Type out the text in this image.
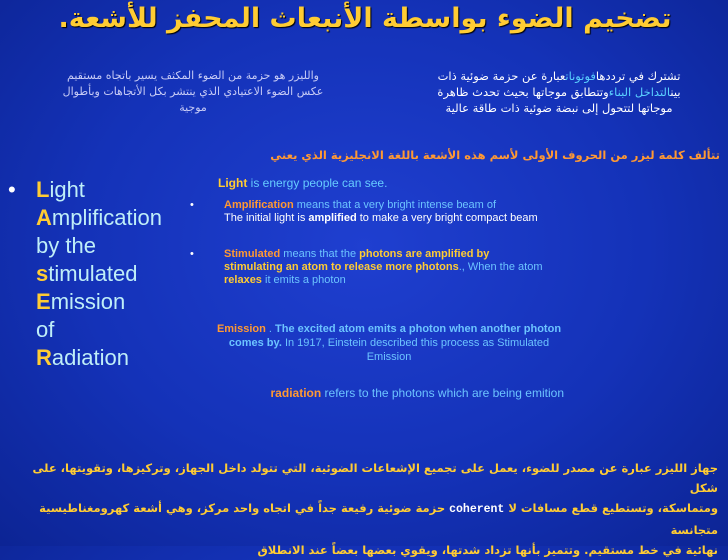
تضخيم الضوء بواسطة الأنبعاث المحفز للأشعة.
تشترك في ترددهافوتوناتعبارة عن حزمة ضوئية ذات
بينالتداخل البناءوتتطابق موجاتها بحيث تحدث ظاهرة
موجاتها لتتحول إلى نبضة ضوئية ذات طاقة عالية
والليزر هو حزمة من الضوء المكثف يسير باتجاه مستقيم
عكس الضوء الاعتيادي الذي ينتشر بكل الأتجاهات وبأطوال
موجية
تتألف كلمة ليزر من الحروف الأولى لأسم هذه الأشعة باللغة الانجليزية الذي يعني
• Light
Amplification
by the
stimulated
Emission
of
Radiation
Light is energy people can see.
•	Amplification means that a very bright intense beam of
The initial light is amplified to make a very bright compact beam
•	Stimulated means that the photons are amplified by stimulating an atom to release more photons., When the atom relaxes it emits a photon
Emission . The excited atom emits a photon when another photon comes by. In 1917, Einstein described this process as Stimulated Emission
radiation refers to the photons which are being emition
جهاز الليزر عبارة عن مصدر للضوء، يعمل على تجميع الإشعاعات الضوئية، التي تتولد داخل الجهاز، وتركيزها، وتقويتها، على شكل
ومتماسكة، وتستطيع قطع مسافات لا coherent حزمة ضوئية رفيعة جداً في اتجاه واحد مركز، وهي أشعة كهرومغناطيسية متجانسة
نهائية في خط مستقيم. وتتميز بأنها تزداد شدتها، ويقوي بعضها بعضاً عند الانطلاق
